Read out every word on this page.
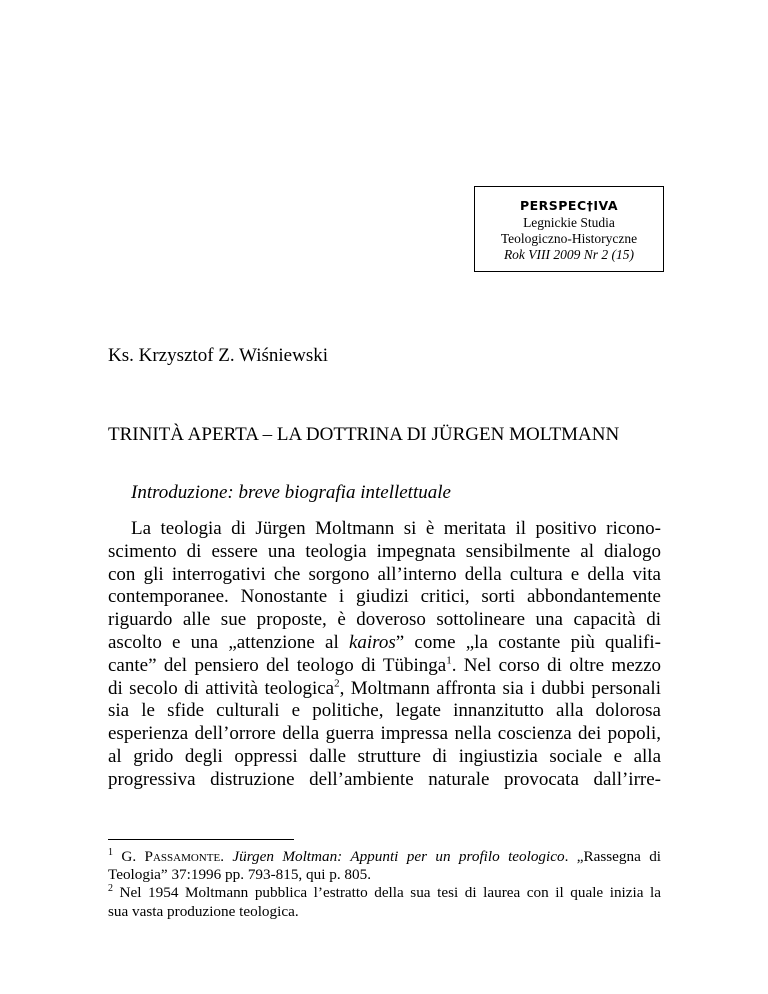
PERSPEC†IVA
Legnickie Studia
Teologiczno-Historyczne
Rok VIII 2009 Nr 2 (15)
Ks. Krzysztof Z. Wiśniewski
TRINITÀ APERTA – LA DOTTRINA DI JÜRGEN MOLTMANN
Introduzione: breve biografia intellettuale
La teologia di Jürgen Moltmann si è meritata il positivo ricono-
scimento di essere una teologia impegnata sensibilmente al dialogo
con gli interrogativi che sorgono all’interno della cultura e della vita
contemporanee. Nonostante i giudizi critici, sorti abbondantemente
riguardo alle sue proposte, è doveroso sottolineare una capacità di
ascolto e una „attenzione al kairos” come „la costante più qualifi-
cante” del pensiero del teologo di Tübinga$^1$. Nel corso di oltre mezzo
di secolo di attività teologica$^2$, Moltmann affronta sia i dubbi personali
sia le sfide culturali e politiche, legate innanzitutto alla dolorosa
esperienza dell’orrore della guerra impressa nella coscienza dei popoli,
al grido degli oppressi dalle strutture di ingiustizia sociale e alla
progressiva distruzione dell’ambiente naturale provocata dall’irre-
$^1$ G. Passamonte. Jürgen Moltman: Appunti per un profilo teologico. „Rassegna di
Teologia” 37:1996 pp. 793-815, qui p. 805.
$^2$ Nel 1954 Moltmann pubblica l’estratto della sua tesi di laurea con il quale inizia la
sua vasta produzione teologica.
